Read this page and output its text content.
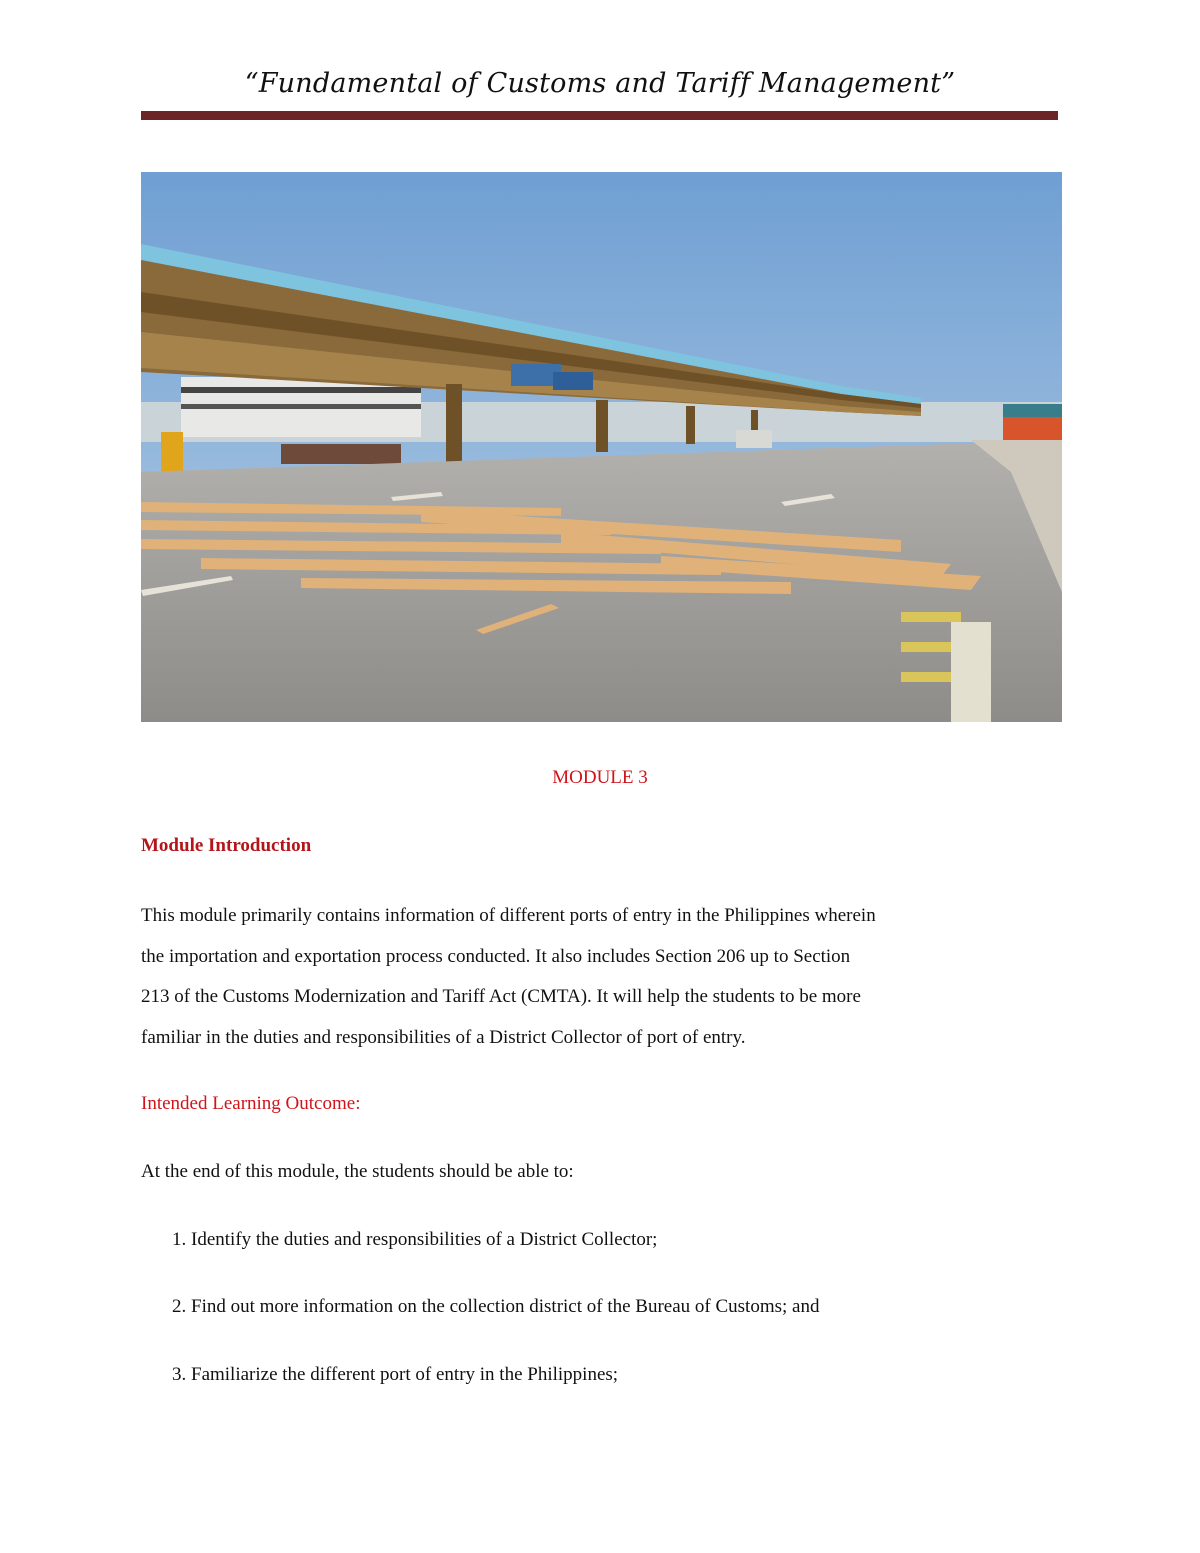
“Fundamental of Customs and Tariff Management”
MODULE 3
Module Introduction
This module primarily contains information of different ports of entry in the Philippines wherein
the importation and exportation process conducted. It also includes Section 206 up to Section
213 of the Customs Modernization and Tariff Act (CMTA). It will help the students to be more
familiar in the duties and responsibilities of a District Collector of port of entry.
Intended Learning Outcome:
At the end of this module, the students should be able to:
1. Identify the duties and responsibilities of a District Collector;
2. Find out more information on the collection district of the Bureau of Customs; and
3. Familiarize the different port of entry in the Philippines;
